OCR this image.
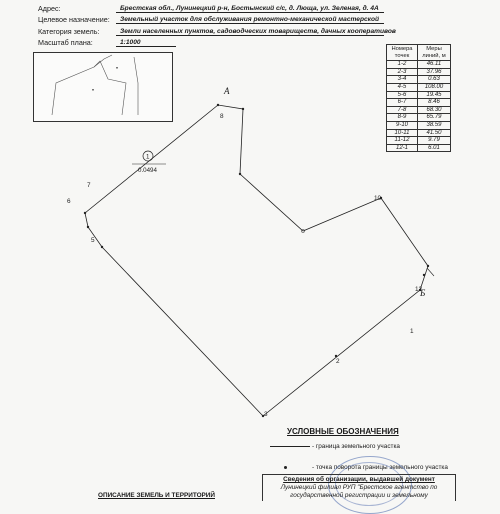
Адрес:	Брестская обл., Лунинецкий р-н, Бостынский с/с, д. Люща, ул. Зеленая, д. 4А
Целевое назначение:	Земельный участок для обслуживания ремонтно-механической мастерской
Категория земель:	Земли населенных пунктов, садоводческих товариществ, дачных кооперативов
Масштаб плана:	1:1000
Номера точек	Меры линий, м
1-2	46.11
2-3	37.96
3-4	0.63
4-5	108.00
5-6	19.45
6-7	8.46
7-8	68.30
8-9	65.79
9-10	38.59
10-11	41.50
11-12	9.79
12-1	6.01
8
7
6
5
3
2
1
10
12
А
Б
1
0.0494
УСЛОВНЫЕ ОБОЗНАЧЕНИЯ
- граница земельного участка
- точка поворота границы земельного участка
Сведения об организации, выдавшей документ
Лунинецкий филиал РУП "Брестское агентство по
государственной регистрации и земельному
ОПИСАНИЕ ЗЕМЕЛЬ И ТЕРРИТОРИЙ
